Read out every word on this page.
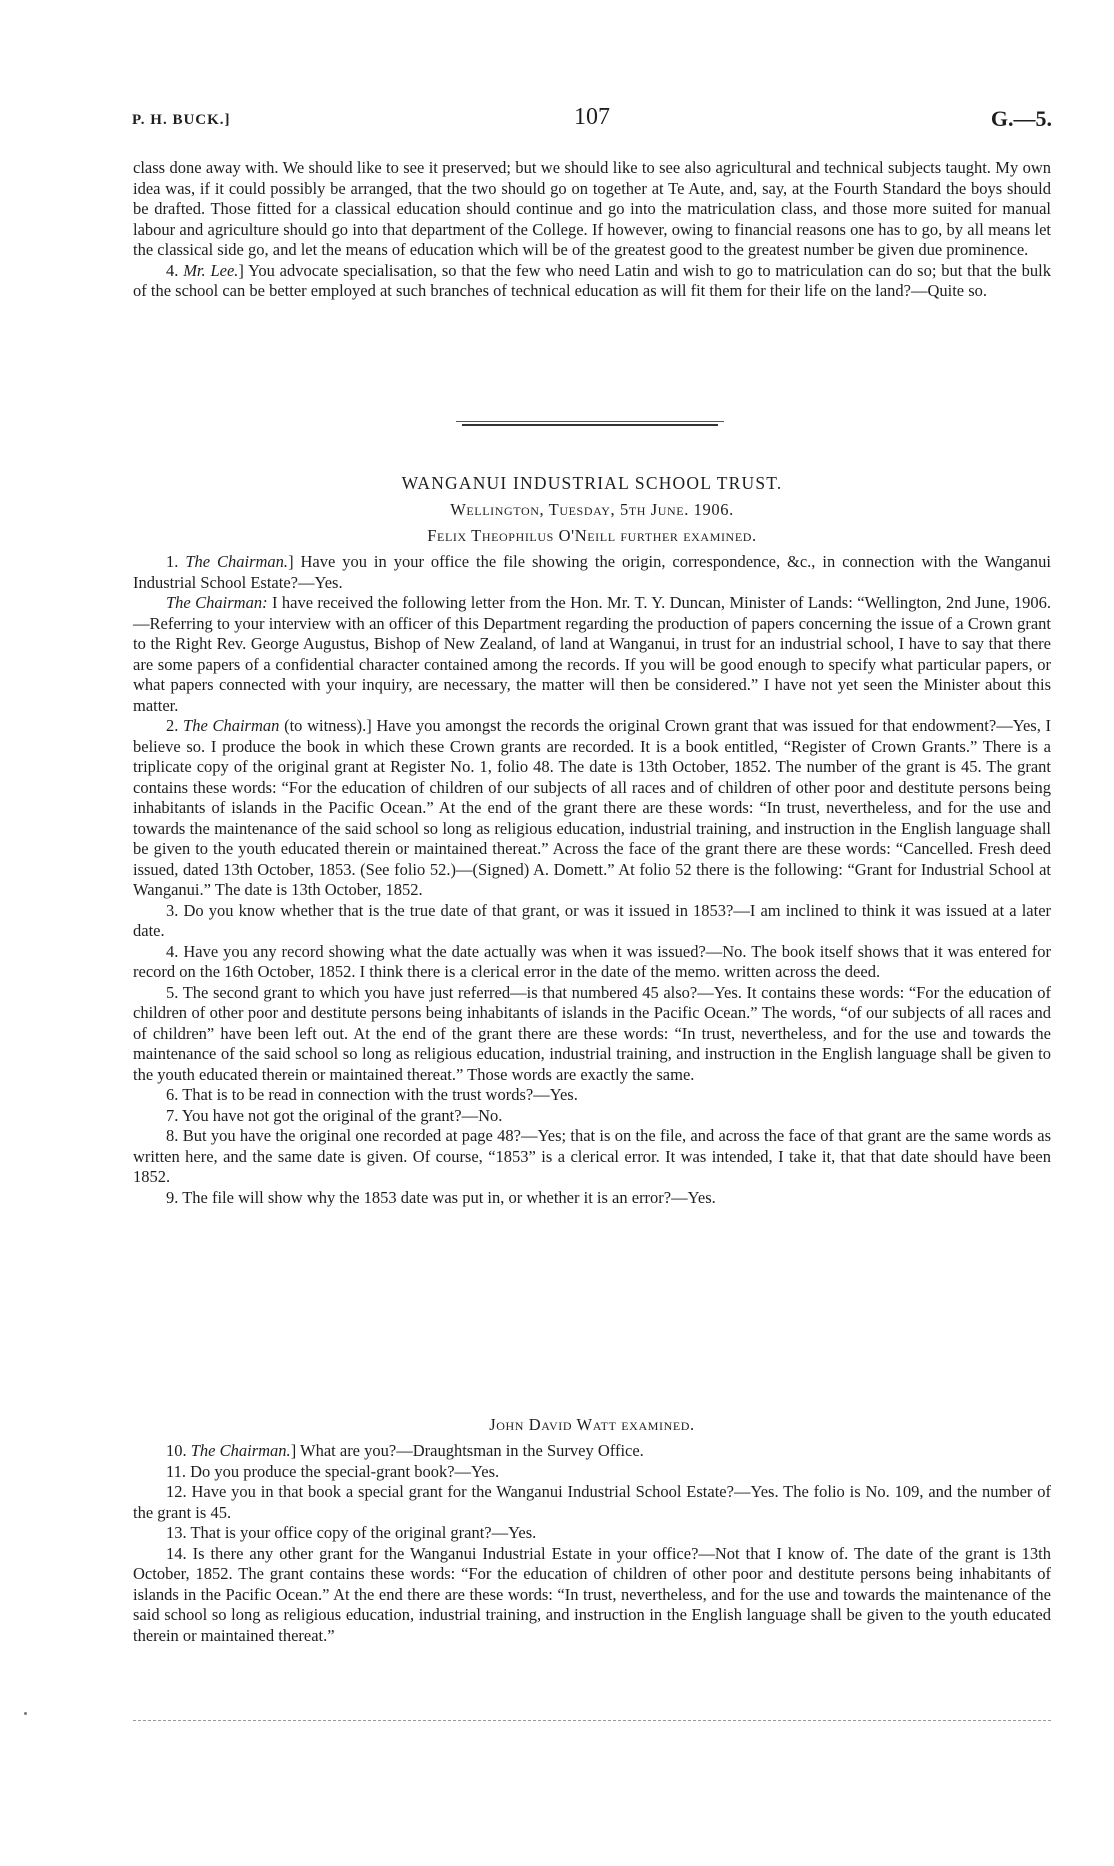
P. H. BUCK.]	107	G.—5.

class done away with. We should like to see it preserved; but we should like to see also agricultural and technical subjects taught. My own idea was, if it could possibly be arranged, that the two should go on together at Te Aute, and, say, at the Fourth Standard the boys should be drafted. Those fitted for a classical education should continue and go into the matriculation class, and those more suited for manual labour and agriculture should go into that department of the College. If however, owing to financial reasons one has to go, by all means let the classical side go, and let the means of education which will be of the greatest good to the greatest number be given due prominence.

4. Mr. Lee.] You advocate specialisation, so that the few who need Latin and wish to go to matriculation can do so; but that the bulk of the school can be better employed at such branches of technical education as will fit them for their life on the land?—Quite so.

WANGANUI INDUSTRIAL SCHOOL TRUST.
Wellington, Tuesday, 5th June. 1906.
Felix Theophilus O'Neill further examined.

1. The Chairman.] Have you in your office the file showing the origin, correspondence, &c., in connection with the Wanganui Industrial School Estate?—Yes.

The Chairman: I have received the following letter from the Hon. Mr. T. Y. Duncan, Minister of Lands: “Wellington, 2nd June, 1906.—Referring to your interview with an officer of this Department regarding the production of papers concerning the issue of a Crown grant to the Right Rev. George Augustus, Bishop of New Zealand, of land at Wanganui, in trust for an industrial school, I have to say that there are some papers of a confidential character contained among the records. If you will be good enough to specify what particular papers, or what papers connected with your inquiry, are necessary, the matter will then be considered.” I have not yet seen the Minister about this matter.

2. The Chairman (to witness).] Have you amongst the records the original Crown grant that was issued for that endowment?—Yes, I believe so. I produce the book in which these Crown grants are recorded. It is a book entitled, “Register of Crown Grants.” There is a triplicate copy of the original grant at Register No. 1, folio 48. The date is 13th October, 1852. The number of the grant is 45. The grant contains these words: “For the education of children of our subjects of all races and of children of other poor and destitute persons being inhabitants of islands in the Pacific Ocean.” At the end of the grant there are these words: “In trust, nevertheless, and for the use and towards the maintenance of the said school so long as religious education, industrial training, and instruction in the English language shall be given to the youth educated therein or maintained thereat.” Across the face of the grant there are these words: “Cancelled. Fresh deed issued, dated 13th October, 1853. (See folio 52.)—(Signed) A. Domett.” At folio 52 there is the following: “Grant for Industrial School at Wanganui.” The date is 13th October, 1852.

3. Do you know whether that is the true date of that grant, or was it issued in 1853?—I am inclined to think it was issued at a later date.

4. Have you any record showing what the date actually was when it was issued?—No. The book itself shows that it was entered for record on the 16th October, 1852. I think there is a clerical error in the date of the memo. written across the deed.

5. The second grant to which you have just referred—is that numbered 45 also?—Yes. It contains these words: “For the education of children of other poor and destitute persons being inhabitants of islands in the Pacific Ocean.” The words, “of our subjects of all races and of children” have been left out. At the end of the grant there are these words: “In trust, nevertheless, and for the use and towards the maintenance of the said school so long as religious education, industrial training, and instruction in the English language shall be given to the youth educated therein or maintained thereat.” Those words are exactly the same.

6. That is to be read in connection with the trust words?—Yes.

7. You have not got the original of the grant?—No.

8. But you have the original one recorded at page 48?—Yes; that is on the file, and across the face of that grant are the same words as written here, and the same date is given. Of course, “1853” is a clerical error. It was intended, I take it, that that date should have been 1852.

9. The file will show why the 1853 date was put in, or whether it is an error?—Yes.

John David Watt examined.

10. The Chairman.] What are you?—Draughtsman in the Survey Office.

11. Do you produce the special-grant book?—Yes.

12. Have you in that book a special grant for the Wanganui Industrial School Estate?—Yes. The folio is No. 109, and the number of the grant is 45.

13. That is your office copy of the original grant?—Yes.

14. Is there any other grant for the Wanganui Industrial Estate in your office?—Not that I know of. The date of the grant is 13th October, 1852. The grant contains these words: “For the education of children of other poor and destitute persons being inhabitants of islands in the Pacific Ocean.” At the end there are these words: “In trust, nevertheless, and for the use and towards the maintenance of the said school so long as religious education, industrial training, and instruction in the English language shall be given to the youth educated therein or maintained thereat.”
